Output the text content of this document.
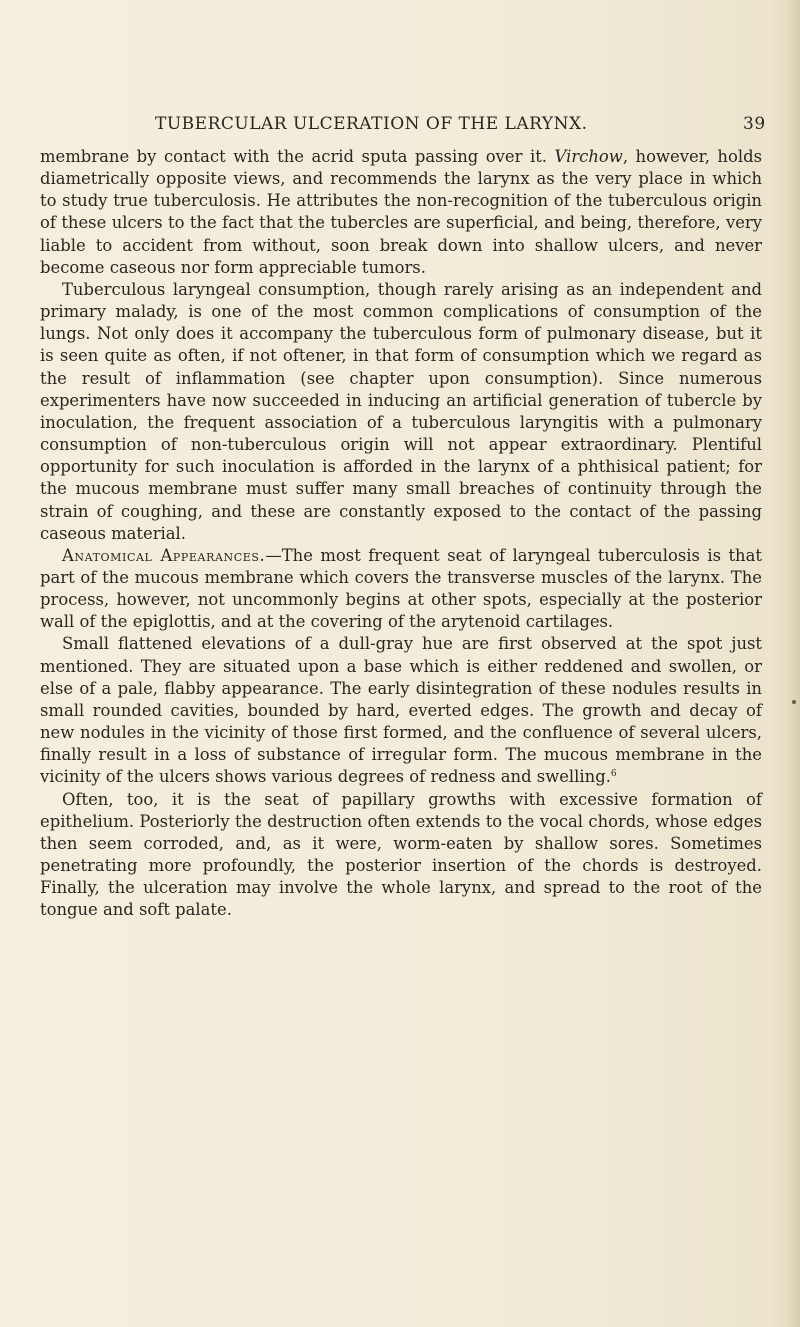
TUBERCULAR ULCERATION OF THE LARYNX.	39

membrane by contact with the acrid sputa passing over it. Virchow, however, holds diametrically opposite views, and recommends the larynx as the very place in which to study true tuberculosis. He attributes the non-recognition of the tuberculous origin of these ulcers to the fact that the tubercles are superficial, and being, therefore, very liable to accident from without, soon break down into shallow ulcers, and never become caseous nor form appreciable tumors.

Tuberculous laryngeal consumption, though rarely arising as an independent and primary malady, is one of the most common complications of consumption of the lungs. Not only does it accompany the tuberculous form of pulmonary disease, but it is seen quite as often, if not oftener, in that form of consumption which we regard as the result of inflammation (see chapter upon consumption). Since numerous experimenters have now succeeded in inducing an artificial generation of tubercle by inoculation, the frequent association of a tuberculous laryngitis with a pulmonary consumption of non-tuberculous origin will not appear extraordinary. Plentiful opportunity for such inoculation is afforded in the larynx of a phthisical patient; for the mucous membrane must suffer many small breaches of continuity through the strain of coughing, and these are constantly exposed to the contact of the passing caseous material.

Anatomical Appearances.—The most frequent seat of laryngeal tuberculosis is that part of the mucous membrane which covers the transverse muscles of the larynx. The process, however, not uncommonly begins at other spots, especially at the posterior wall of the epiglottis, and at the covering of the arytenoid cartilages.

Small flattened elevations of a dull-gray hue are first observed at the spot just mentioned. They are situated upon a base which is either reddened and swollen, or else of a pale, flabby appearance. The early disintegration of these nodules results in small rounded cavities, bounded by hard, everted edges. The growth and decay of new nodules in the vicinity of those first formed, and the confluence of several ulcers, finally result in a loss of substance of irregular form. The mucous membrane in the vicinity of the ulcers shows various degrees of redness and swelling.$^6$

Often, too, it is the seat of papillary growths with excessive formation of epithelium. Posteriorly the destruction often extends to the vocal chords, whose edges then seem corroded, and, as it were, worm-eaten by shallow sores. Sometimes penetrating more profoundly, the posterior insertion of the chords is destroyed. Finally, the ulceration may involve the whole larynx, and spread to the root of the tongue and soft palate.
